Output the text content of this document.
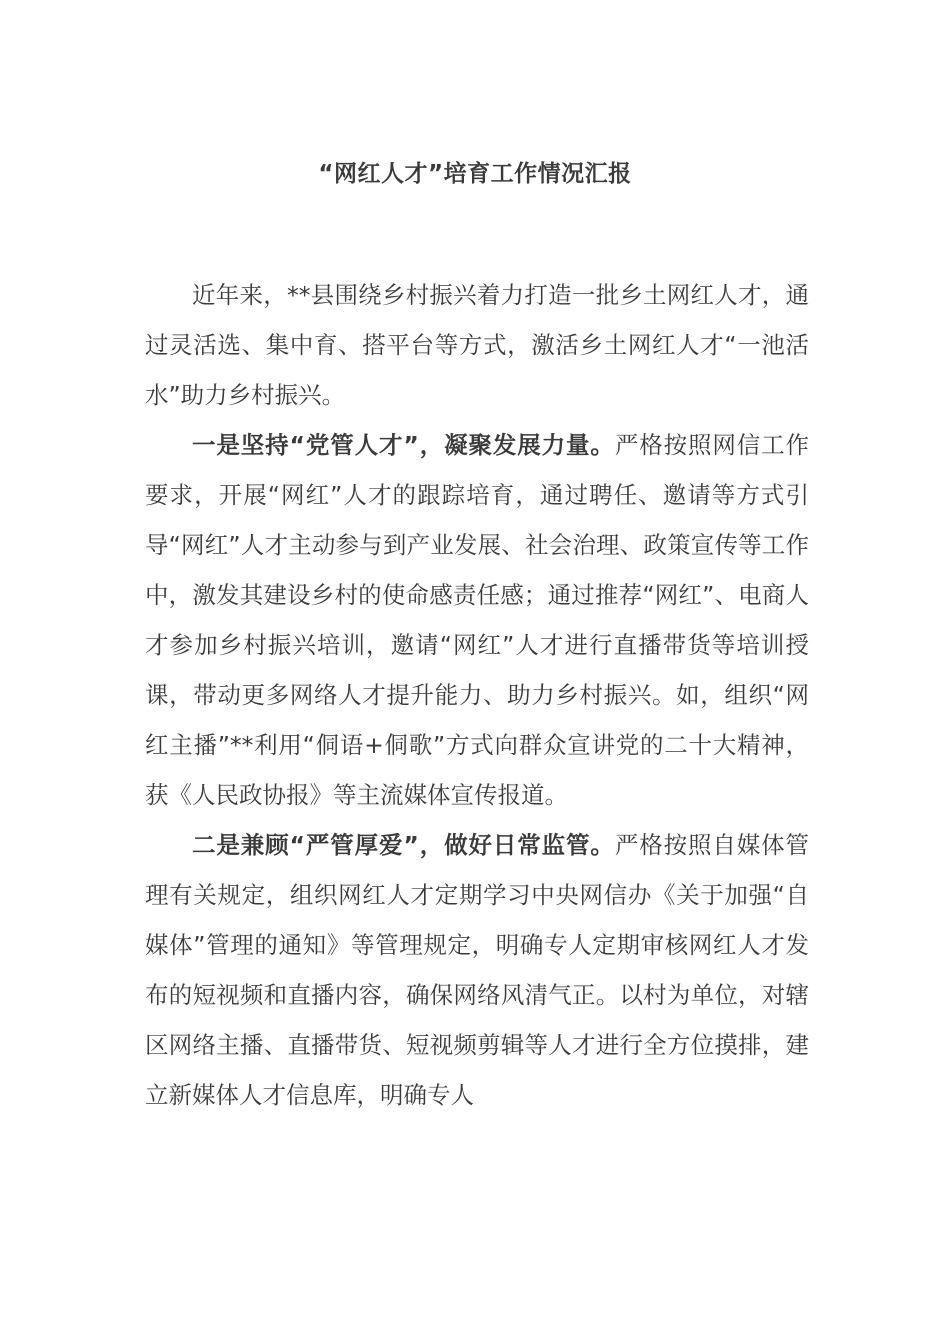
“网红人才”培育工作情况汇报

近年来，**县围绕乡村振兴着力打造一批乡土网红人才，通过灵活选、集中育、搭平台等方式，激活乡土网红人才“一池活水”助力乡村振兴。

一是坚持“党管人才”，凝聚发展力量。严格按照网信工作要求，开展“网红”人才的跟踪培育，通过聘任、邀请等方式引导“网红”人才主动参与到产业发展、社会治理、政策宣传等工作中，激发其建设乡村的使命感责任感；通过推荐“网红”、电商人才参加乡村振兴培训，邀请“网红”人才进行直播带货等培训授课，带动更多网络人才提升能力、助力乡村振兴。如，组织“网红主播”**利用“侗语+侗歌”方式向群众宣讲党的二十大精神，获《人民政协报》等主流媒体宣传报道。

二是兼顾“严管厚爱”，做好日常监管。严格按照自媒体管理有关规定，组织网红人才定期学习中央网信办《关于加强“自媒体”管理的通知》等管理规定，明确专人定期审核网红人才发布的短视频和直播内容，确保网络风清气正。以村为单位，对辖区网络主播、直播带货、短视频剪辑等人才进行全方位摸排，建立新媒体人才信息库，明确专人
